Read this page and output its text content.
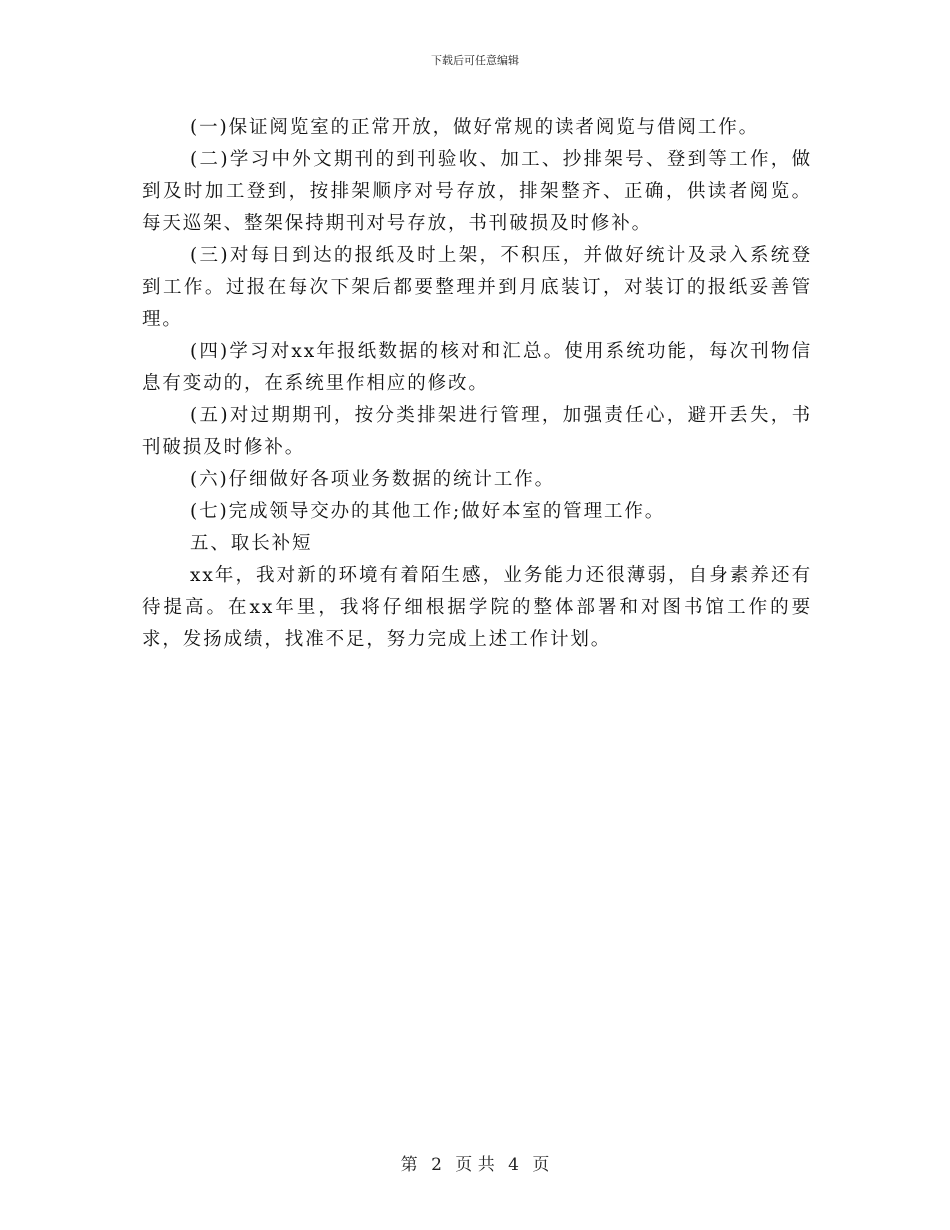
下载后可任意编辑

(一)保证阅览室的正常开放，做好常规的读者阅览与借阅工作。

(二)学习中外文期刊的到刊验收、加工、抄排架号、登到等工作，做到及时加工登到，按排架顺序对号存放，排架整齐、正确，供读者阅览。每天巡架、整架保持期刊对号存放，书刊破损及时修补。

(三)对每日到达的报纸及时上架，不积压，并做好统计及录入系统登到工作。过报在每次下架后都要整理并到月底装订，对装订的报纸妥善管理。

(四)学习对xx年报纸数据的核对和汇总。使用系统功能，每次刊物信息有变动的，在系统里作相应的修改。

(五)对过期期刊，按分类排架进行管理，加强责任心，避开丢失，书刊破损及时修补。

(六)仔细做好各项业务数据的统计工作。

(七)完成领导交办的其他工作;做好本室的管理工作。

五、取长补短

xx年，我对新的环境有着陌生感，业务能力还很薄弱，自身素养还有待提高。在xx年里，我将仔细根据学院的整体部署和对图书馆工作的要求，发扬成绩，找准不足，努力完成上述工作计划。

第 2 页 共 4 页
